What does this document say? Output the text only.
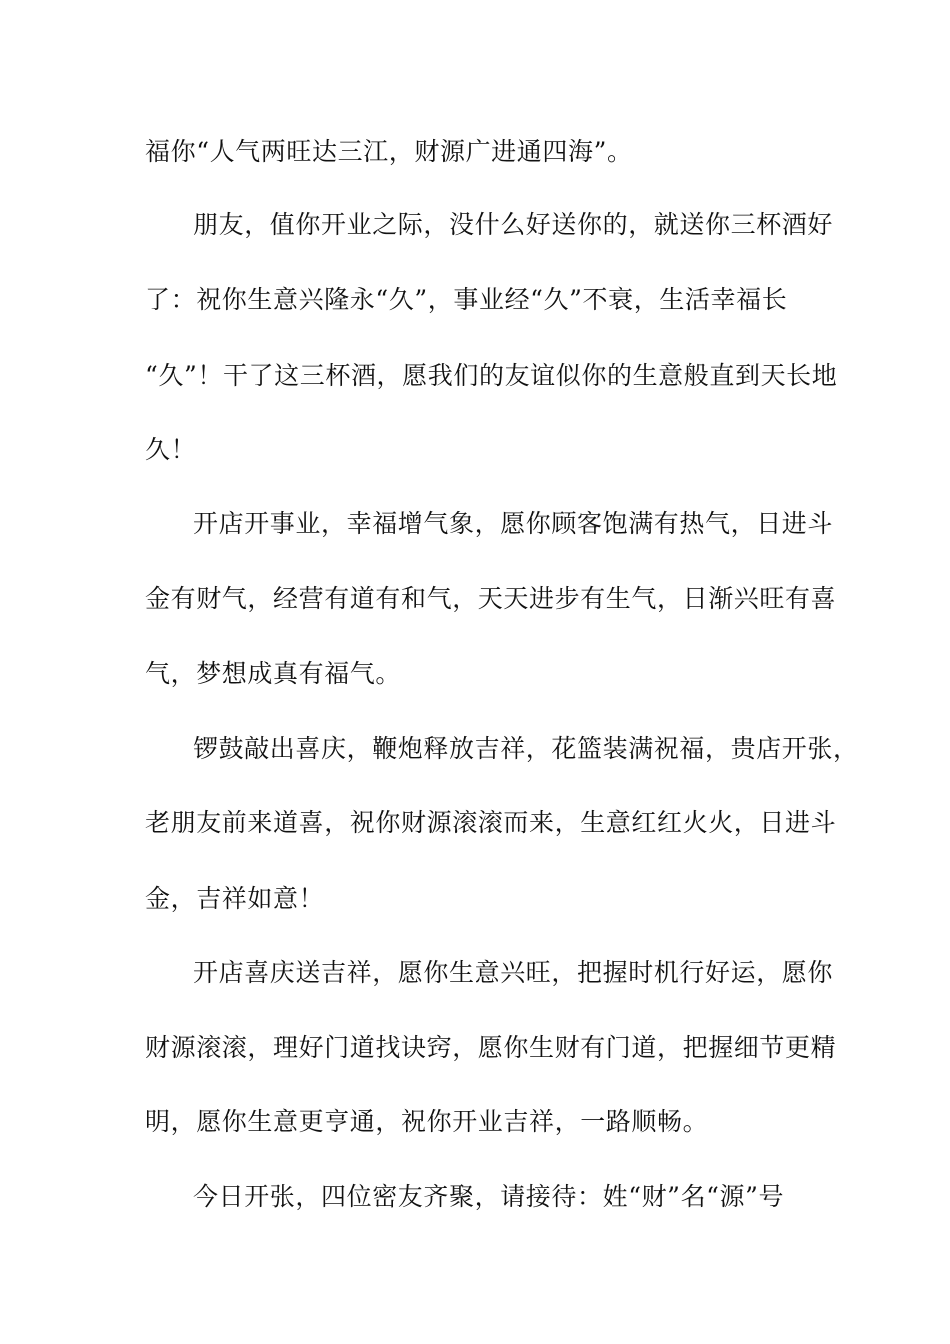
福你“人气两旺达三江，财源广进通四海”。
朋友，值你开业之际，没什么好送你的，就送你三杯酒好
了：祝你生意兴隆永“久”，事业经“久”不衰，生活幸福长
“久”！干了这三杯酒，愿我们的友谊似你的生意般直到天长地
久！
开店开事业，幸福增气象，愿你顾客饱满有热气，日进斗
金有财气，经营有道有和气，天天进步有生气，日渐兴旺有喜
气，梦想成真有福气。
锣鼓敲出喜庆，鞭炮释放吉祥，花篮装满祝福，贵店开张，
老朋友前来道喜，祝你财源滚滚而来，生意红红火火，日进斗
金，吉祥如意！
开店喜庆送吉祥，愿你生意兴旺，把握时机行好运，愿你
财源滚滚，理好门道找诀窍，愿你生财有门道，把握细节更精
明，愿你生意更亨通，祝你开业吉祥，一路顺畅。
今日开张，四位密友齐聚，请接待：姓“财”名“源”号
